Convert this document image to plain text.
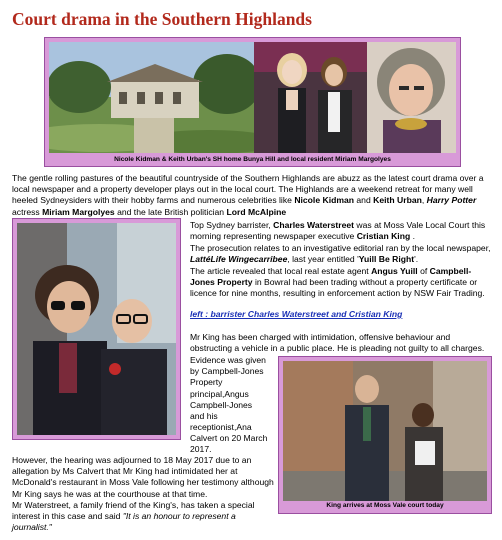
Court drama in the Southern Highlands
Nicole Kidman & Keith Urban's SH home Bunya Hill and local resident Miriam Margolyes

The gentle rolling pastures of the beautiful countryside of the Southern Highlands are abuzz as the latest court drama over a local newspaper and a property developer plays out in the local court. The Highlands are a weekend retreat for many well heeled Sydneysiders with their hobby farms and numerous celebrities like Nicole Kidman and Keith Urban, Harry Potter actress Miriam Margolyes and the late British politician Lord McAlpine

Top Sydney barrister, Charles Waterstreet was at Moss Vale Local Court this morning representing newspaper executive Cristian King .

The prosecution relates to an investigative editorial ran by the local newspaper, LattéLife Wingecarribee, last year entitled 'Yuill Be Right'.

The article revealed that local real estate agent Angus Yuill of Campbell-Jones Property in Bowral had been trading without a property certificate or licence for nine months, resulting in enforcement action by NSW Fair Trading.

left : barrister Charles Waterstreet and Cristian King

Mr King has been charged with intimidation, offensive behaviour and obstructing a vehicle in a public place. He is pleading not guilty to all charges.

Evidence was given
by Campbell-Jones
Property
principal,Angus
Campbell-Jones
and his
receptionist,Ana
Calvert on 20 March
2017.
King arrives at Moss Vale court today

However, the hearing was adjourned to 18 May 2017 due to an allegation by Ms Calvert that Mr King had intimidated her at McDonald's restaurant in Moss Vale following her testimony although Mr King says he was at the courthouse at that time.

Mr Waterstreet, a family friend of the King's, has taken a special interest in this case and said "It is an honour to represent a journalist."
